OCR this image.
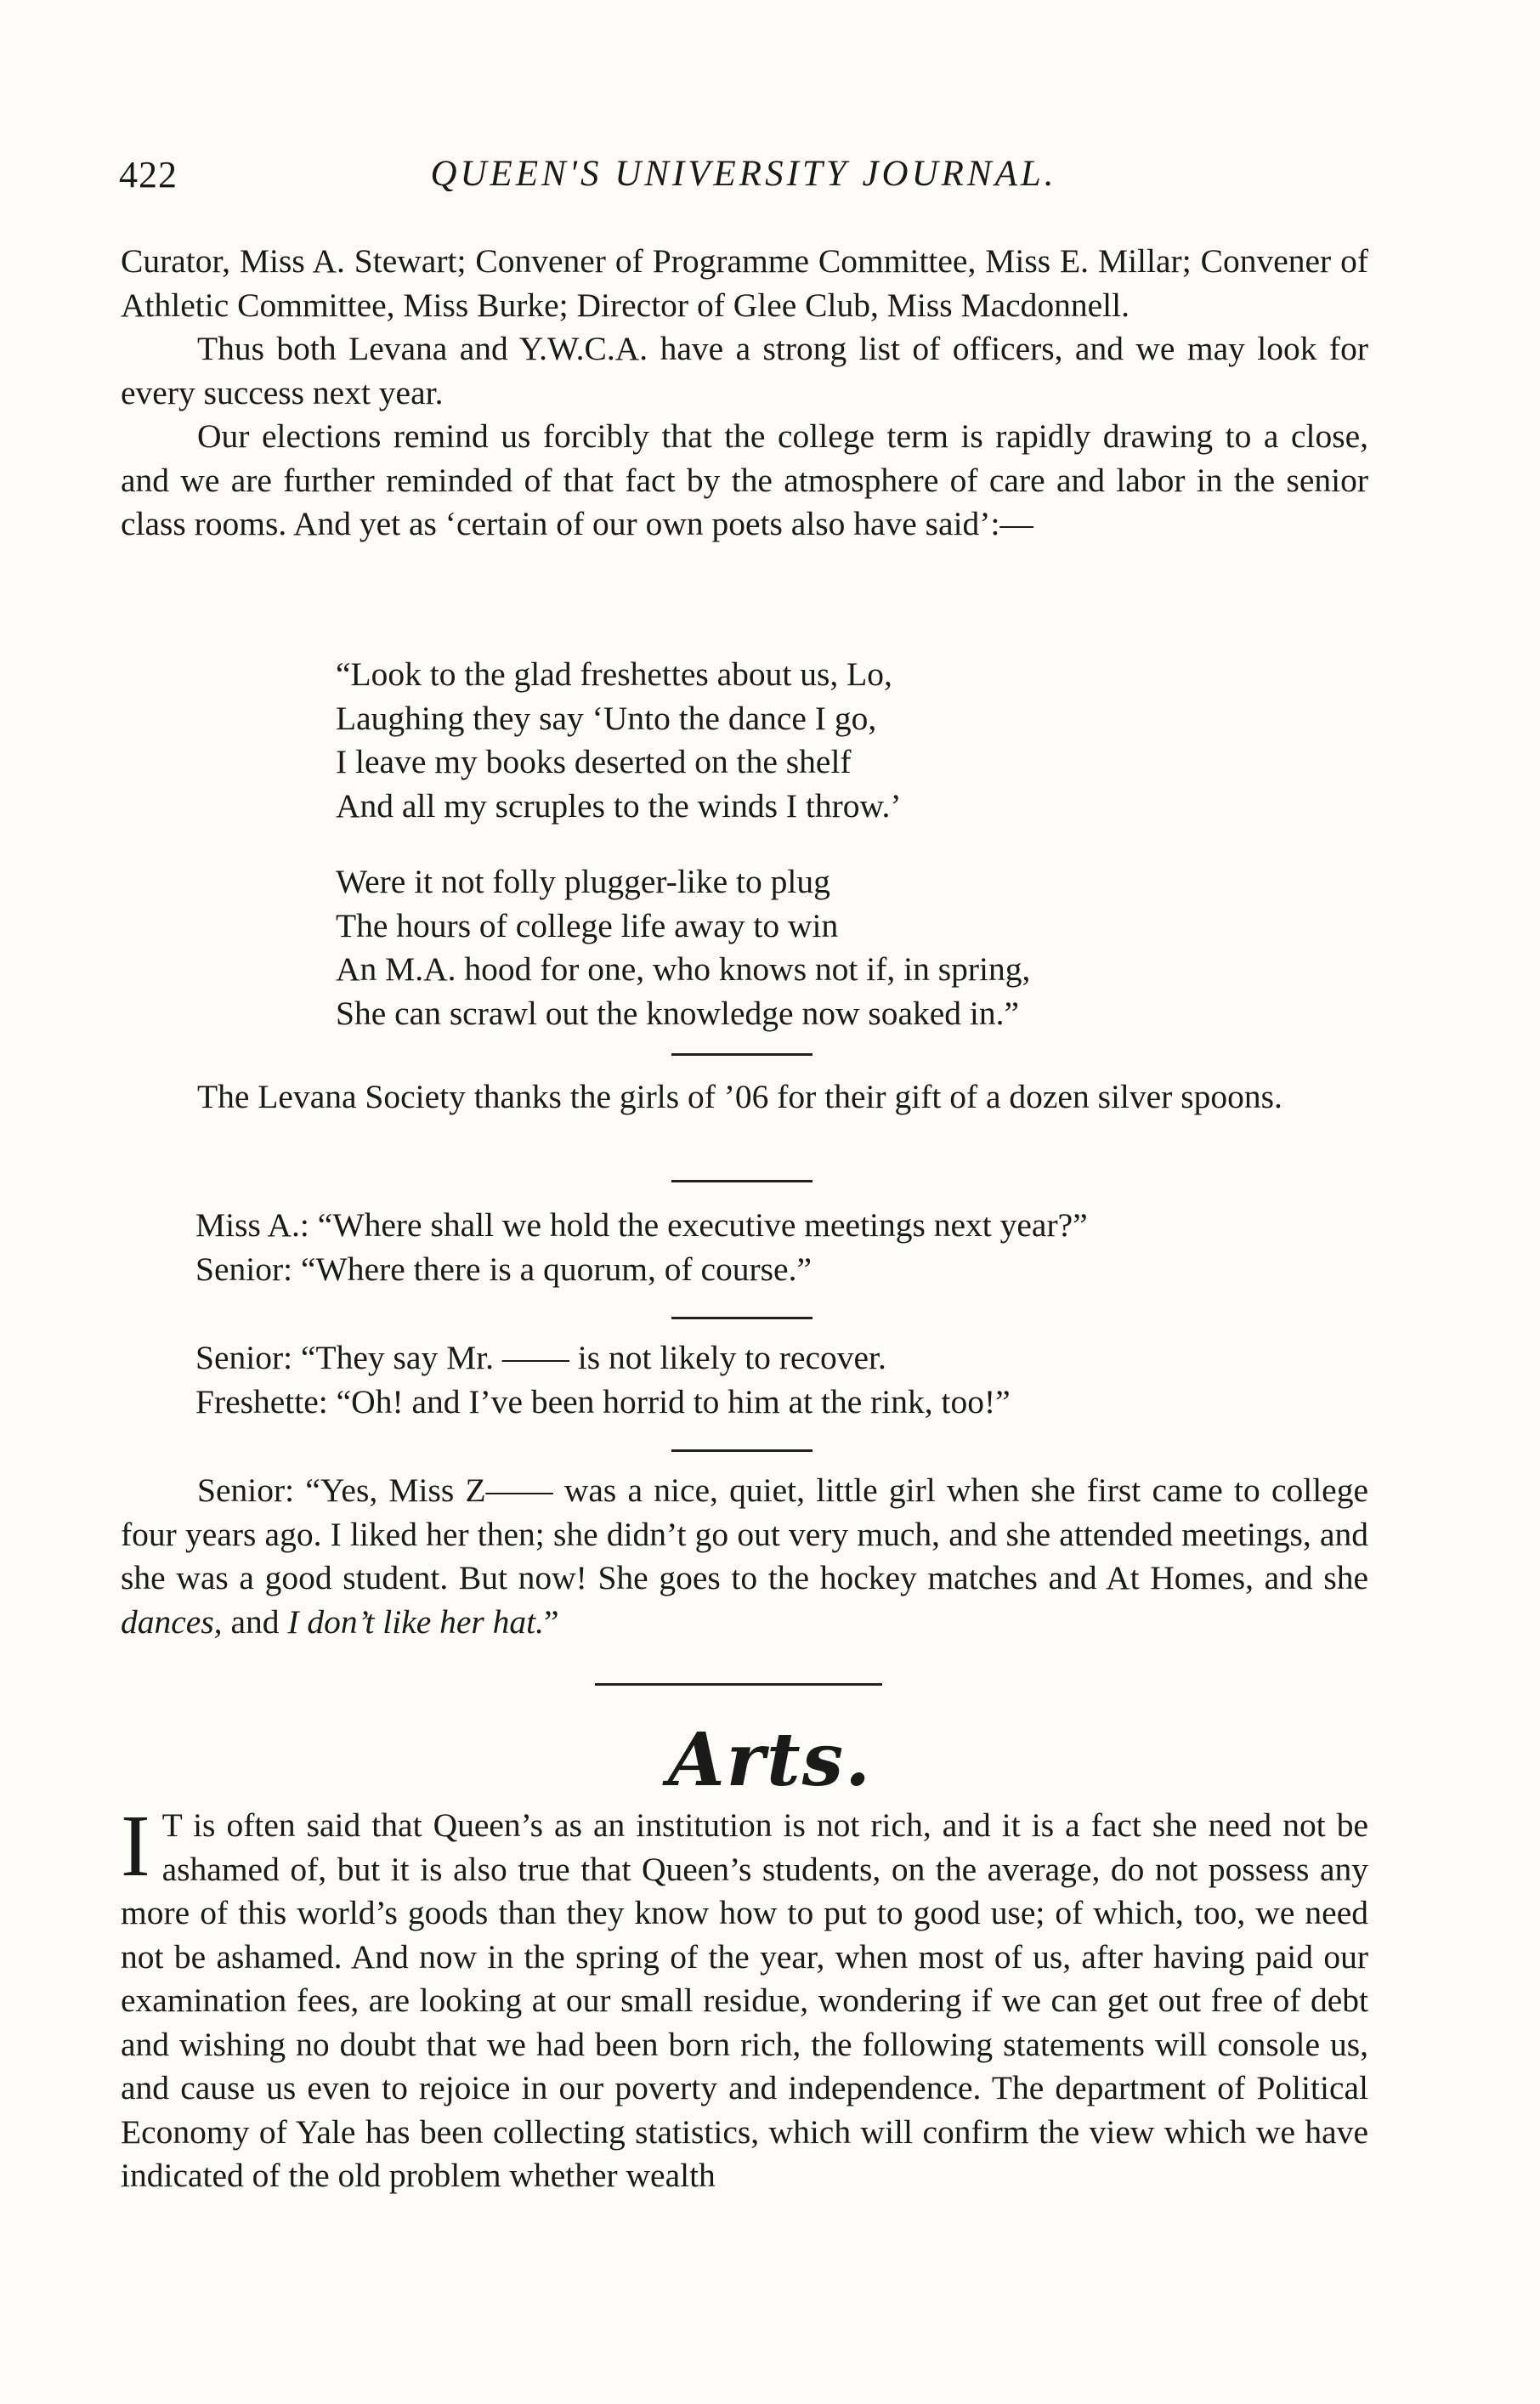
422	QUEEN'S UNIVERSITY JOURNAL.

Curator, Miss A. Stewart; Convener of Programme Committee, Miss E. Millar; Convener of Athletic Committee, Miss Burke; Director of Glee Club, Miss Macdonnell.

Thus both Levana and Y.W.C.A. have a strong list of officers, and we may look for every success next year.

Our elections remind us forcibly that the college term is rapidly drawing to a close, and we are further reminded of that fact by the atmosphere of care and labor in the senior class rooms. And yet as ‘certain of our own poets also have said’:—

“Look to the glad freshettes about us, Lo,
Laughing they say ‘Unto the dance I go,
I leave my books deserted on the shelf
And all my scruples to the winds I throw.’
Were it not folly plugger-like to plug
The hours of college life away to win
An M.A. hood for one, who knows not if, in spring,
She can scrawl out the knowledge now soaked in.”

The Levana Society thanks the girls of ’06 for their gift of a dozen silver spoons.

Miss A.: “Where shall we hold the executive meetings next year?”
Senior: “Where there is a quorum, of course.”
Senior: “They say Mr. —— is not likely to recover.
Freshette: “Oh! and I’ve been horrid to him at the rink, too!”

Senior: “Yes, Miss Z—— was a nice, quiet, little girl when she first came to college four years ago. I liked her then; she didn’t go out very much, and she attended meetings, and she was a good student. But now! She goes to the hockey matches and At Homes, and she dances, and I don’t like her hat.”

Arts.

I T is often said that Queen’s as an institution is not rich, and it is a fact she need not be ashamed of, but it is also true that Queen’s students, on the average, do not possess any more of this world’s goods than they know how to put to good use; of which, too, we need not be ashamed. And now in the spring of the year, when most of us, after having paid our examination fees, are looking at our small residue, wondering if we can get out free of debt and wishing no doubt that we had been born rich, the following statements will console us, and cause us even to rejoice in our poverty and independence. The department of Political Economy of Yale has been collecting statistics, which will confirm the view which we have indicated of the old problem whether wealth
